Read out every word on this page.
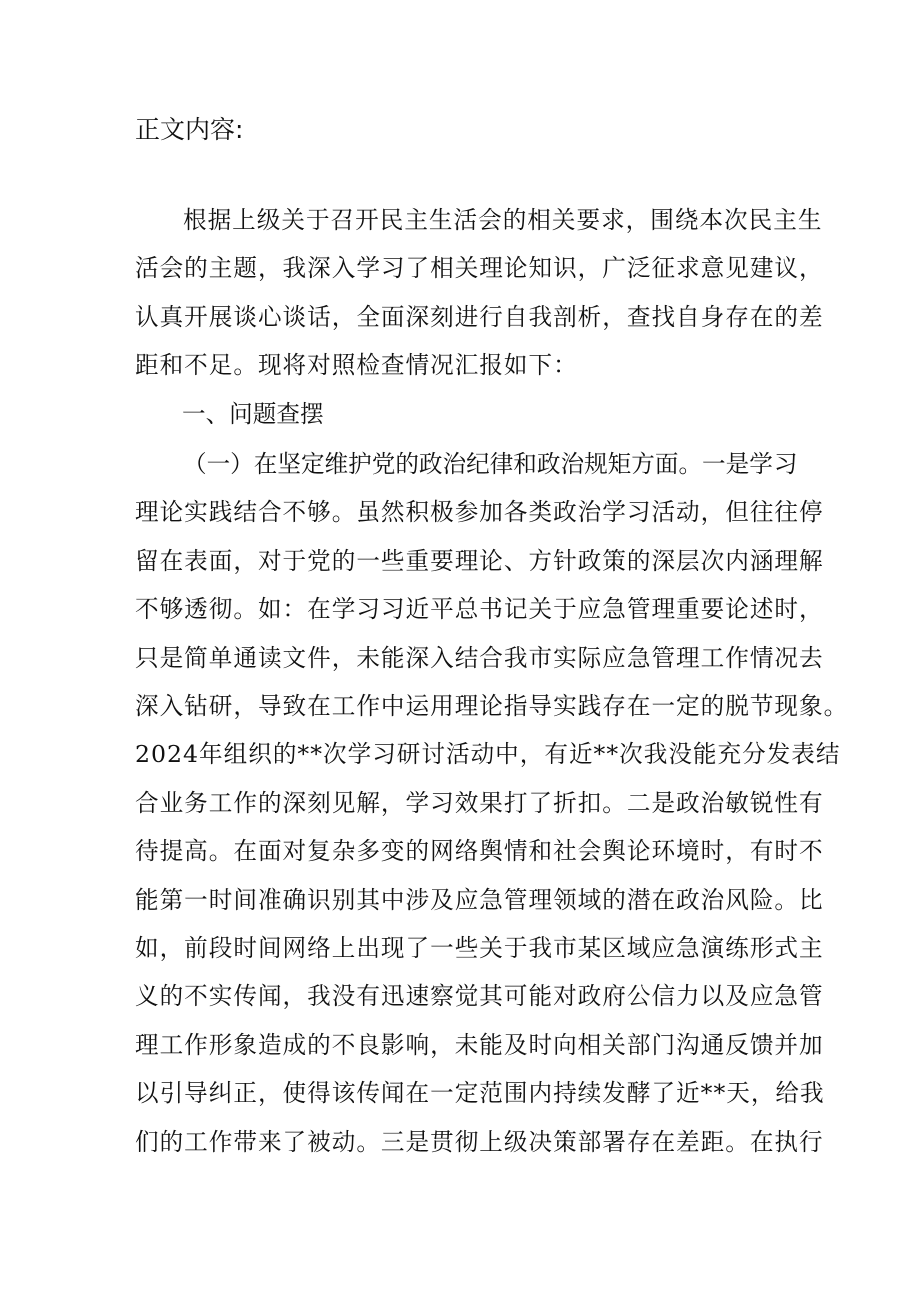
正文内容:
根据上级关于召开民主生活会的相关要求，围绕本次民主生
活会的主题，我深入学习了相关理论知识，广泛征求意见建议，
认真开展谈心谈话，全面深刻进行自我剖析，查找自身存在的差
距和不足。现将对照检查情况汇报如下：
一、问题查摆
（一）在坚定维护党的政治纪律和政治规矩方面。一是学习
理论实践结合不够。虽然积极参加各类政治学习活动，但往往停
留在表面，对于党的一些重要理论、方针政策的深层次内涵理解
不够透彻。如：在学习习近平总书记关于应急管理重要论述时，
只是简单通读文件，未能深入结合我市实际应急管理工作情况去
深入钻研，导致在工作中运用理论指导实践存在一定的脱节现象。
2024年组织的**次学习研讨活动中，有近**次我没能充分发表结
合业务工作的深刻见解，学习效果打了折扣。二是政治敏锐性有
待提高。在面对复杂多变的网络舆情和社会舆论环境时，有时不
能第一时间准确识别其中涉及应急管理领域的潜在政治风险。比
如，前段时间网络上出现了一些关于我市某区域应急演练形式主
义的不实传闻，我没有迅速察觉其可能对政府公信力以及应急管
理工作形象造成的不良影响，未能及时向相关部门沟通反馈并加
以引导纠正，使得该传闻在一定范围内持续发酵了近**天，给我
们的工作带来了被动。三是贯彻上级决策部署存在差距。在执行
